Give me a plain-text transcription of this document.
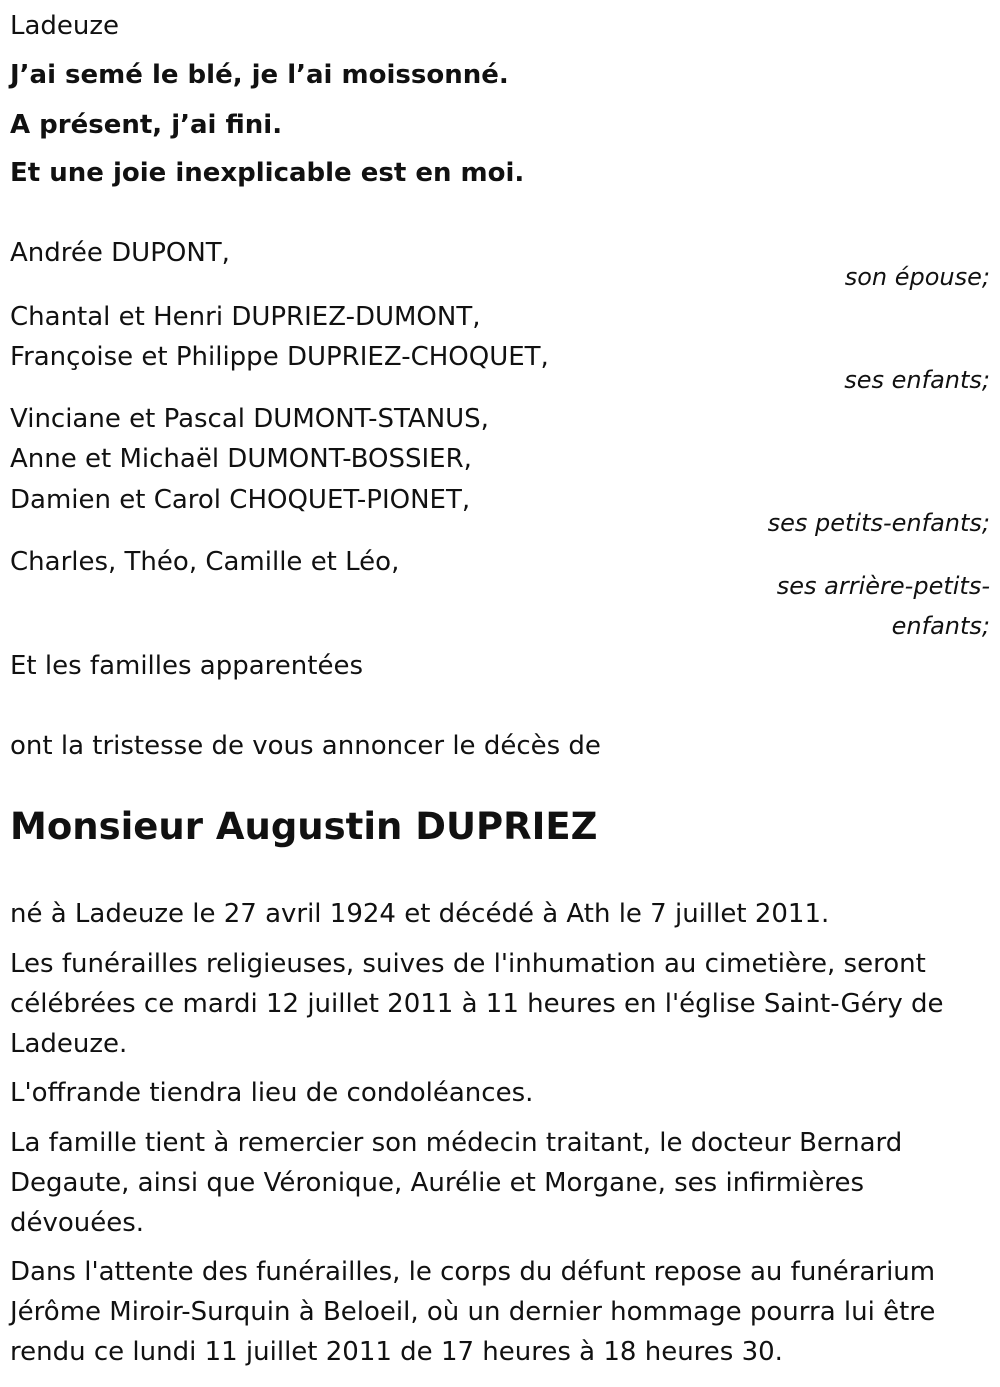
Ladeuze
J’ai semé le blé, je l’ai moissonné.
A présent, j’ai fini.
Et une joie inexplicable est en moi.
Andrée DUPONT,
son épouse;
Chantal et Henri DUPRIEZ-DUMONT,
Françoise et Philippe DUPRIEZ-CHOQUET,
ses enfants;
Vinciane et Pascal DUMONT-STANUS,
Anne et Michaël DUMONT-BOSSIER,
Damien et Carol CHOQUET-PIONET,
ses petits-enfants;
Charles, Théo, Camille et Léo,
ses arrière-petits-
enfants;
Et les familles apparentées
ont la tristesse de vous annoncer le décès de
Monsieur Augustin DUPRIEZ
né à Ladeuze le 27 avril 1924 et décédé à Ath le 7 juillet 2011.
Les funérailles religieuses, suives de l'inhumation au cimetière, seront célébrées ce mardi 12 juillet 2011 à 11 heures en l'église Saint-Géry de Ladeuze.
L'offrande tiendra lieu de condoléances.
La famille tient à remercier son médecin traitant, le docteur Bernard Degaute, ainsi que Véronique, Aurélie et Morgane, ses infirmières dévouées.
Dans l'attente des funérailles, le corps du défunt repose au funérarium Jérôme Miroir-Surquin à Beloeil, où un dernier hommage pourra lui être rendu ce lundi 11 juillet 2011 de 17 heures à 18 heures 30.
